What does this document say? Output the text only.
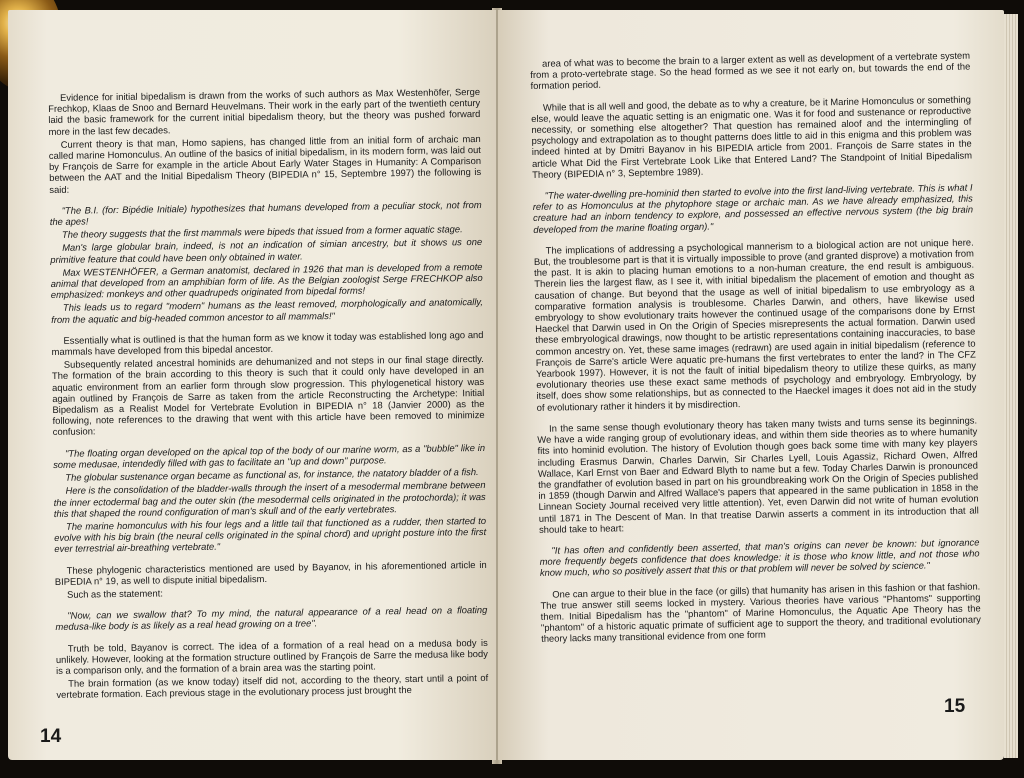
Evidence for initial bipedalism is drawn from the works of such authors as Max Westenhöfer, Serge Frechkop, Klaas de Snoo and Bernard Heuvelmans. Their work in the early part of the twentieth century laid the basic framework for the current initial bipedalism theory, but the theory was pushed forward more in the last few decades.

Current theory is that man, Homo sapiens, has changed little from an initial form of archaic man called marine Homonculus. An outline of the basics of initial bipedalism, in its modern form, was laid out by François de Sarre for example in the article About Early Water Stages in Humanity: A Comparison between the AAT and the Initial Bipedalism Theory (BIPEDIA n° 15, Septembre 1997) the following is said:

"The B.I. (for: Bipédie Initiale) hypothesizes that humans developed from a peculiar stock, not from the apes!

The theory suggests that the first mammals were bipeds that issued from a former aquatic stage.

Man's large globular brain, indeed, is not an indication of simian ancestry, but it shows us one primitive feature that could have been only obtained in water.

Max WESTENHÖFER, a German anatomist, declared in 1926 that man is developed from a remote animal that developed from an amphibian form of life. As the Belgian zoologist Serge FRECHKOP also emphasized: monkeys and other quadrupeds originated from bipedal forms!

This leads us to regard "modern" humans as the least removed, morphologically and anatomically, from the aquatic and big-headed common ancestor to all mammals!"

Essentially what is outlined is that the human form as we know it today was established long ago and mammals have developed from this bipedal ancestor.

Subsequently related ancestral hominids are dehumanized and not steps in our final stage directly. The formation of the brain according to this theory is such that it could only have developed in an aquatic environment from an earlier form through slow progression. This phylogenetical history was again outlined by François de Sarre as taken from the article Reconstructing the Archetype: Initial Bipedalism as a Realist Model for Vertebrate Evolution in BIPEDIA n° 18 (Janvier 2000) as the following, note references to the drawing that went with this article have been removed to minimize confusion:

"The floating organ developed on the apical top of the body of our marine worm, as a "bubble" like in some medusae, intendedly filled with gas to facilitate an "up and down" purpose.

The globular sustenance organ became as functional as, for instance, the natatory bladder of a fish.

Here is the consolidation of the bladder-walls through the insert of a mesodermal membrane between the inner ectodermal bag and the outer skin (the mesodermal cells originated in the protochorda); it was this that shaped the round configuration of man's skull and of the early vertebrates.

The marine homonculus with his four legs and a little tail that functioned as a rudder, then started to evolve with his big brain (the neural cells originated in the spinal chord) and upright posture into the first ever terrestrial air-breathing vertebrate."

These phylogenic characteristics mentioned are used by Bayanov, in his aforementioned article in BIPEDIA n° 19, as well to dispute initial bipedalism.

Such as the statement:

"Now, can we swallow that? To my mind, the natural appearance of a real head on a floating medusa-like body is as likely as a real head growing on a tree".

Truth be told, Bayanov is correct. The idea of a formation of a real head on a medusa body is unlikely. However, looking at the formation structure outlined by François de Sarre the medusa like body is a comparison only, and the formation of a brain area was the starting point.

The brain formation (as we know today) itself did not, according to the theory, start until a point of vertebrate formation. Each previous stage in the evolutionary process just brought the

14

area of what was to become the brain to a larger extent as well as development of a vertebrate system from a proto-vertebrate stage. So the head formed as we see it not early on, but towards the end of the formation period.

While that is all well and good, the debate as to why a creature, be it Marine Homonculus or something else, would leave the aquatic setting is an enigmatic one. Was it for food and sustenance or reproductive necessity, or something else altogether? That question has remained aloof and the intermingling of psychology and extrapolation as to thought patterns does little to aid in this enigma and this problem was indeed hinted at by Dmitri Bayanov in his BIPEDIA article from 2001. François de Sarre states in the article What Did the First Vertebrate Look Like that Entered Land? The Standpoint of Initial Bipedalism Theory (BIPEDIA n° 3, Septembre 1989).

"The water-dwelling pre-hominid then started to evolve into the first land-living vertebrate. This is what I refer to as Homonculus at the phytophore stage or archaic man. As we have already emphasized, this creature had an inborn tendency to explore, and possessed an effective nervous system (the big brain developed from the marine floating organ)."

The implications of addressing a psychological mannerism to a biological action are not unique here. But, the troublesome part is that it is virtually impossible to prove (and granted disprove) a motivation from the past. It is akin to placing human emotions to a non-human creature, the end result is ambiguous. Therein lies the largest flaw, as I see it, with initial bipedalism the placement of emotion and thought as causation of change. But beyond that the usage as well of initial bipedalism to use embryology as a comparative formation analysis is troublesome. Charles Darwin, and others, have likewise used embryology to show evolutionary traits however the continued usage of the comparisons done by Ernst Haeckel that Darwin used in On the Origin of Species misrepresents the actual formation. Darwin used these embryological drawings, now thought to be artistic representations containing inaccuracies, to base common ancestry on. Yet, these same images (redrawn) are used again in initial bipedalism (reference to François de Sarre's article Were aquatic pre-humans the first vertebrates to enter the land? in The CFZ Yearbook 1997). However, it is not the fault of initial bipedalism theory to utilize these quirks, as many evolutionary theories use these exact same methods of psychology and embryology. Embryology, by itself, does show some relationships, but as connected to the Haeckel images it does not aid in the study of evolutionary rather it hinders it by misdirection.

In the same sense though evolutionary theory has taken many twists and turns sense its beginnings. We have a wide ranging group of evolutionary ideas, and within them side theories as to where humanity fits into hominid evolution. The history of Evolution though goes back some time with many key players including Erasmus Darwin, Charles Darwin, Sir Charles Lyell, Louis Agassiz, Richard Owen, Alfred Wallace, Karl Ernst von Baer and Edward Blyth to name but a few. Today Charles Darwin is pronounced the grandfather of evolution based in part on his groundbreaking work On the Origin of Species published in 1859 (though Darwin and Alfred Wallace's papers that appeared in the same publication in 1858 in the Linnean Society Journal received very little attention). Yet, even Darwin did not write of human evolution until 1871 in The Descent of Man. In that treatise Darwin asserts a comment in its introduction that all should take to heart:

"It has often and confidently been asserted, that man's origins can never be known: but ignorance more frequently begets confidence that does knowledge: it is those who know little, and not those who know much, who so positively assert that this or that problem will never be solved by science."

One can argue to their blue in the face (or gills) that humanity has arisen in this fashion or that fashion. The true answer still seems locked in mystery. Various theories have various "Phantoms" supporting them. Initial Bipedalism has the "phantom" of Marine Homonculus, the Aquatic Ape Theory has the "phantom" of a historic aquatic primate of sufficient age to support the theory, and traditional evolutionary theory lacks many transitional evidence from one form

15
